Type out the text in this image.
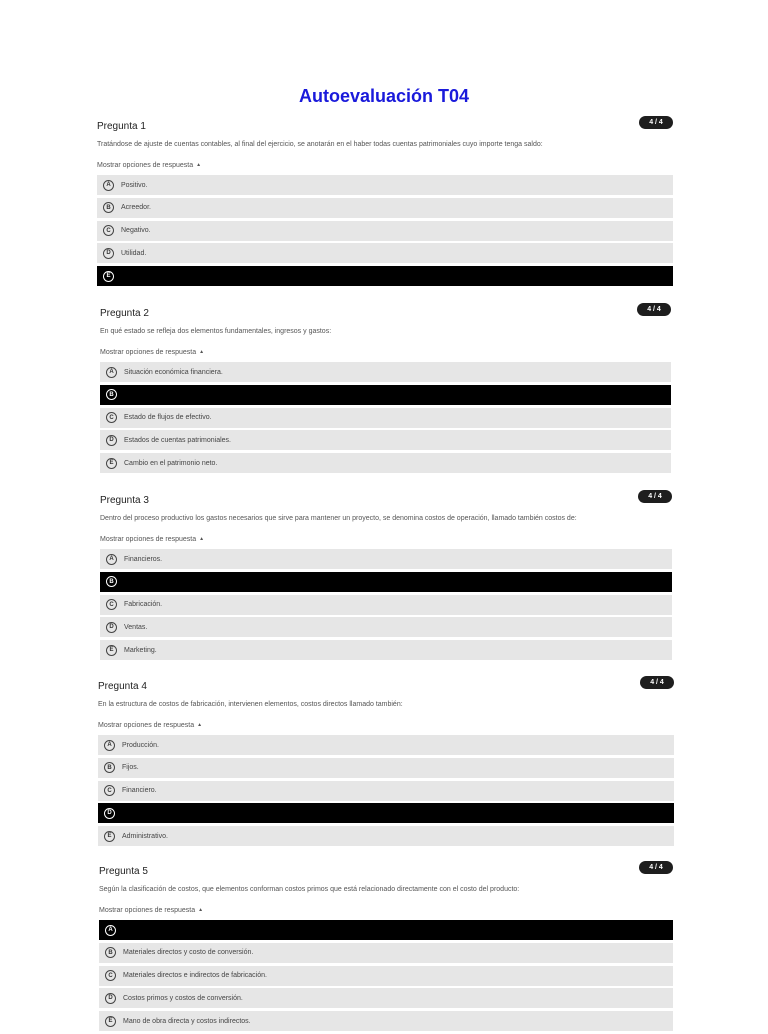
Autoevaluación T04
Pregunta 1	4 / 4
Tratándose de ajuste de cuentas contables, al final del ejercicio, se anotarán en el haber todas cuentas patrimoniales cuyo importe tenga saldo:
Mostrar opciones de respuesta ▲
A	Positivo.
B	Acreedor.
C	Negativo.
D	Utilidad.
E
Pregunta 2	4 / 4
En qué estado se refleja dos elementos fundamentales, ingresos y gastos:
Mostrar opciones de respuesta ▲
A	Situación económica financiera.
B
C	Estado de flujos de efectivo.
D	Estados de cuentas patrimoniales.
E	Cambio en el patrimonio neto.
Pregunta 3	4 / 4
Dentro del proceso productivo los gastos necesarios que sirve para mantener un proyecto, se denomina costos de operación, llamado también costos de:
Mostrar opciones de respuesta ▲
A	Financieros.
B
C	Fabricación.
D	Ventas.
E	Marketing.
Pregunta 4	4 / 4
En la estructura de costos de fabricación, intervienen elementos, costos directos llamado también:
Mostrar opciones de respuesta ▲
A	Producción.
B	Fijos.
C	Financiero.
D
E	Administrativo.
Pregunta 5	4 / 4
Según la clasificación de costos, que elementos conforman costos primos que está relacionado directamente con el costo del producto:
Mostrar opciones de respuesta ▲
A
B	Materiales directos y costo de conversión.
C	Materiales directos e indirectos de fabricación.
D	Costos primos y costos de conversión.
E	Mano de obra directa y costos indirectos.
